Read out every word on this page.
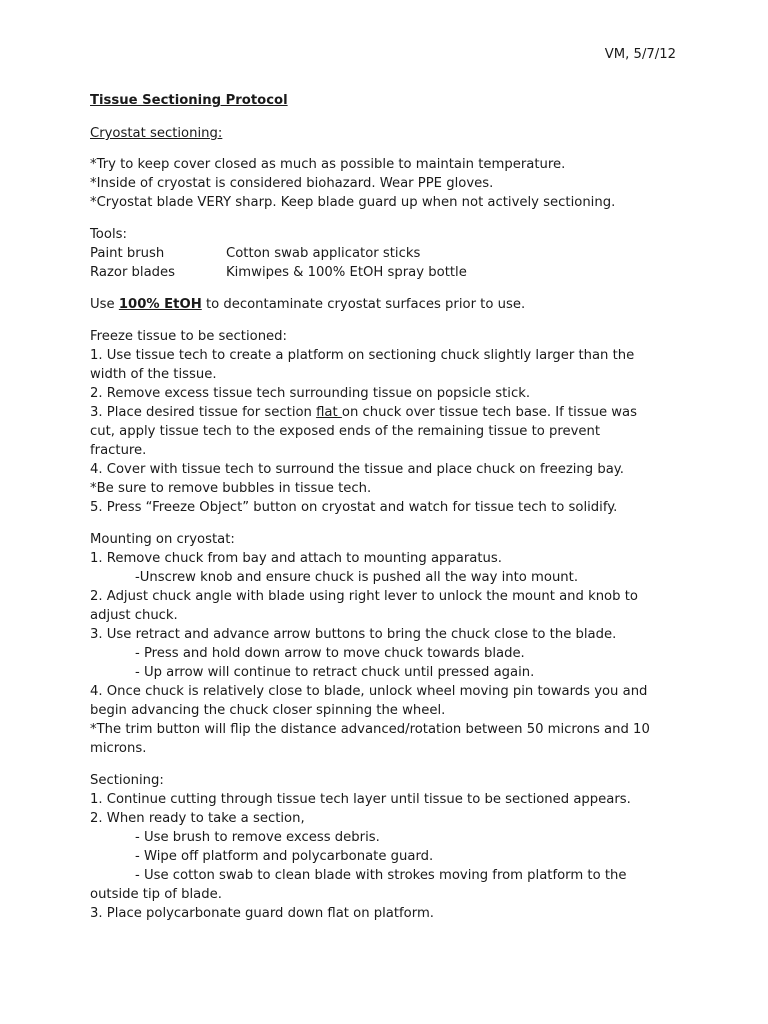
VM, 5/7/12
Tissue Sectioning Protocol
Cryostat sectioning:
*Try to keep cover closed as much as possible to maintain temperature.
*Inside of cryostat is considered biohazard. Wear PPE gloves.
*Cryostat blade VERY sharp. Keep blade guard up when not actively sectioning.
Tools:
Paint brush	Cotton swab applicator sticks
Razor blades	Kimwipes & 100% EtOH spray bottle
Use 100% EtOH to decontaminate cryostat surfaces prior to use.
Freeze tissue to be sectioned:
1. Use tissue tech to create a platform on sectioning chuck slightly larger than the
width of the tissue.
2. Remove excess tissue tech surrounding tissue on popsicle stick.
3. Place desired tissue for section flat on chuck over tissue tech base. If tissue was
cut, apply tissue tech to the exposed ends of the remaining tissue to prevent
fracture.
4. Cover with tissue tech to surround the tissue and place chuck on freezing bay.
*Be sure to remove bubbles in tissue tech.
5. Press “Freeze Object” button on cryostat and watch for tissue tech to solidify.
Mounting on cryostat:
1. Remove chuck from bay and attach to mounting apparatus.
-Unscrew knob and ensure chuck is pushed all the way into mount.
2. Adjust chuck angle with blade using right lever to unlock the mount and knob to
adjust chuck.
3. Use retract and advance arrow buttons to bring the chuck close to the blade.
- Press and hold down arrow to move chuck towards blade.
- Up arrow will continue to retract chuck until pressed again.
4. Once chuck is relatively close to blade, unlock wheel moving pin towards you and
begin advancing the chuck closer spinning the wheel.
*The trim button will flip the distance advanced/rotation between 50 microns and 10
microns.
Sectioning:
1. Continue cutting through tissue tech layer until tissue to be sectioned appears.
2. When ready to take a section,
- Use brush to remove excess debris.
- Wipe off platform and polycarbonate guard.
- Use cotton swab to clean blade with strokes moving from platform to the
outside tip of blade.
3. Place polycarbonate guard down flat on platform.
